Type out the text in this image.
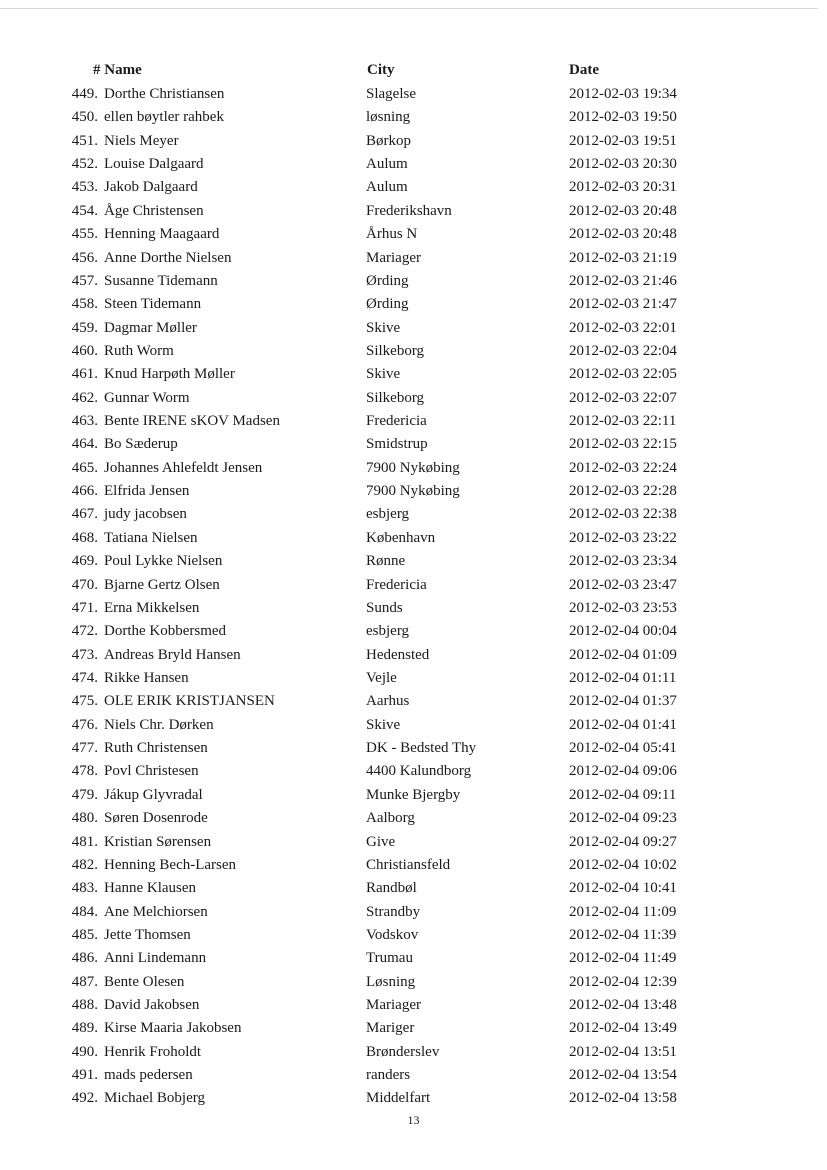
# Name	City	Date
449. Dorthe Christiansen	Slagelse	2012-02-03 19:34
450. ellen bøytler rahbek	løsning	2012-02-03 19:50
451. Niels Meyer	Børkop	2012-02-03 19:51
452. Louise Dalgaard	Aulum	2012-02-03 20:30
453. Jakob Dalgaard	Aulum	2012-02-03 20:31
454. Åge Christensen	Frederikshavn	2012-02-03 20:48
455. Henning Maagaard	Århus N	2012-02-03 20:48
456. Anne Dorthe Nielsen	Mariager	2012-02-03 21:19
457. Susanne Tidemann	Ørding	2012-02-03 21:46
458. Steen Tidemann	Ørding	2012-02-03 21:47
459. Dagmar Møller	Skive	2012-02-03 22:01
460. Ruth Worm	Silkeborg	2012-02-03 22:04
461. Knud Harpøth Møller	Skive	2012-02-03 22:05
462. Gunnar Worm	Silkeborg	2012-02-03 22:07
463. Bente IRENE sKOV Madsen	Fredericia	2012-02-03 22:11
464. Bo Sæderup	Smidstrup	2012-02-03 22:15
465. Johannes Ahlefeldt Jensen	7900 Nykøbing	2012-02-03 22:24
466. Elfrida Jensen	7900 Nykøbing	2012-02-03 22:28
467. judy jacobsen	esbjerg	2012-02-03 22:38
468. Tatiana Nielsen	København	2012-02-03 23:22
469. Poul Lykke Nielsen	Rønne	2012-02-03 23:34
470. Bjarne Gertz Olsen	Fredericia	2012-02-03 23:47
471. Erna Mikkelsen	Sunds	2012-02-03 23:53
472. Dorthe Kobbersmed	esbjerg	2012-02-04 00:04
473. Andreas Bryld Hansen	Hedensted	2012-02-04 01:09
474. Rikke Hansen	Vejle	2012-02-04 01:11
475. OLE ERIK KRISTJANSEN	Aarhus	2012-02-04 01:37
476. Niels Chr. Dørken	Skive	2012-02-04 01:41
477. Ruth Christensen	DK - Bedsted Thy	2012-02-04 05:41
478. Povl Christesen	4400 Kalundborg	2012-02-04 09:06
479. Jákup Glyvradal	Munke Bjergby	2012-02-04 09:11
480. Søren Dosenrode	Aalborg	2012-02-04 09:23
481. Kristian Sørensen	Give	2012-02-04 09:27
482. Henning Bech-Larsen	Christiansfeld	2012-02-04 10:02
483. Hanne Klausen	Randbøl	2012-02-04 10:41
484. Ane Melchiorsen	Strandby	2012-02-04 11:09
485. Jette Thomsen	Vodskov	2012-02-04 11:39
486. Anni Lindemann	Trumau	2012-02-04 11:49
487. Bente Olesen	Løsning	2012-02-04 12:39
488. David Jakobsen	Mariager	2012-02-04 13:48
489. Kirse Maaria Jakobsen	Mariger	2012-02-04 13:49
490. Henrik Froholdt	Brønderslev	2012-02-04 13:51
491. mads pedersen	randers	2012-02-04 13:54
492. Michael Bobjerg	Middelfart	2012-02-04 13:58
13
